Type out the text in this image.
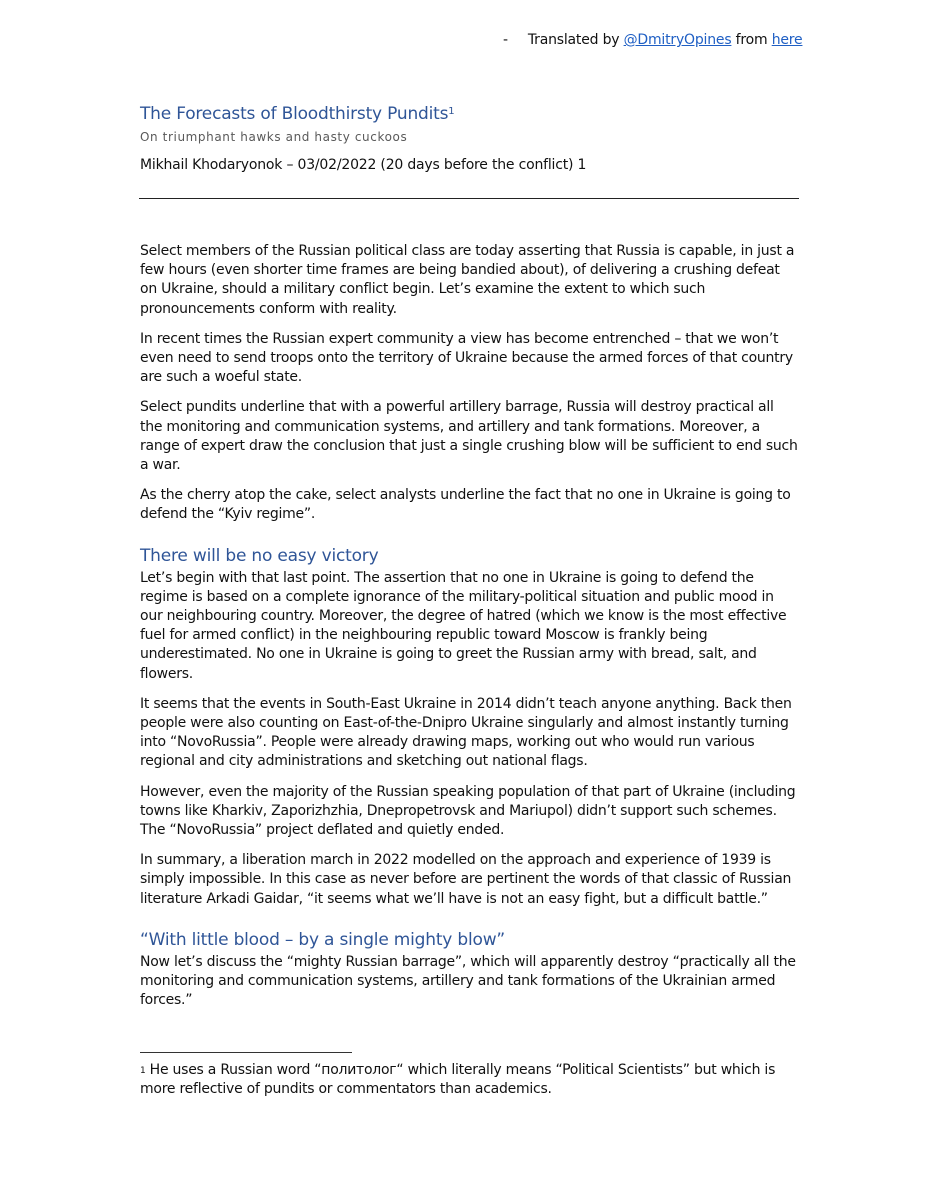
- Translated by @DmitryOpines from here
The Forecasts of Bloodthirsty Pundits$^1$
On triumphant hawks and hasty cuckoos
Mikhail Khodaryonok – 03/02/2022 (20 days before the conflict) 1

Select members of the Russian political class are today asserting that Russia is capable, in just a few hours (even shorter time frames are being bandied about), of delivering a crushing defeat on Ukraine, should a military conflict begin. Let’s examine the extent to which such pronouncements conform with reality.

In recent times the Russian expert community a view has become entrenched – that we won’t even need to send troops onto the territory of Ukraine because the armed forces of that country are such a woeful state.

Select pundits underline that with a powerful artillery barrage, Russia will destroy practical all the monitoring and communication systems, and artillery and tank formations. Moreover, a range of expert draw the conclusion that just a single crushing blow will be sufficient to end such a war.

As the cherry atop the cake, select analysts underline the fact that no one in Ukraine is going to defend the “Kyiv regime”.

There will be no easy victory

Let’s begin with that last point. The assertion that no one in Ukraine is going to defend the regime is based on a complete ignorance of the military-political situation and public mood in our neighbouring country. Moreover, the degree of hatred (which we know is the most effective fuel for armed conflict) in the neighbouring republic toward Moscow is frankly being underestimated. No one in Ukraine is going to greet the Russian army with bread, salt, and flowers.

It seems that the events in South-East Ukraine in 2014 didn’t teach anyone anything. Back then people were also counting on East-of-the-Dnipro Ukraine singularly and almost instantly turning into “NovoRussia”. People were already drawing maps, working out who would run various regional and city administrations and sketching out national flags.

However, even the majority of the Russian speaking population of that part of Ukraine (including towns like Kharkiv, Zaporizhzhia, Dnepropetrovsk and Mariupol) didn’t support such schemes. The “NovoRussia” project deflated and quietly ended.

In summary, a liberation march in 2022 modelled on the approach and experience of 1939 is simply impossible. In this case as never before are pertinent the words of that classic of Russian literature Arkadi Gaidar, “it seems what we’ll have is not an easy fight, but a difficult battle.”

“With little blood – by a single mighty blow”

Now let’s discuss the “mighty Russian barrage”, which will apparently destroy “practically all the monitoring and communication systems, artillery and tank formations of the Ukrainian armed forces.”

$^1$ He uses a Russian word “политолог“ which literally means “Political Scientists” but which is more reflective of pundits or commentators than academics.
